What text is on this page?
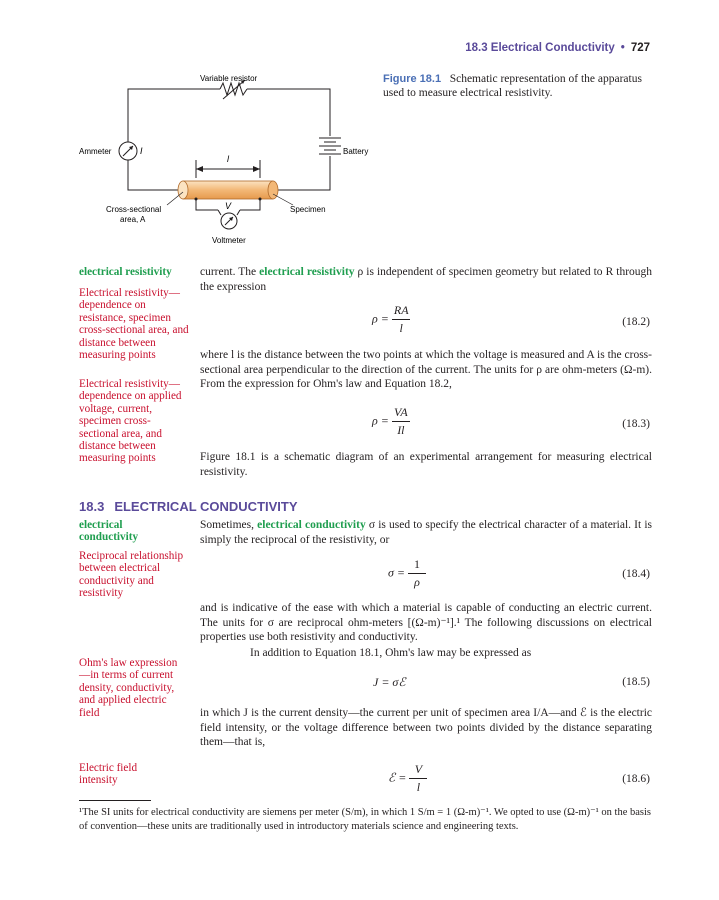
18.3 Electrical Conductivity • 727
Variable resistor
Ammeter	I	Battery
l
Cross-sectional
area, A
Specimen
V
Voltmeter
Figure 18.1 Schematic representation of the apparatus used to measure electrical resistivity.
electrical resistivity
Electrical resistivity—dependence on resistance, specimen cross-sectional area, and distance between measuring points
Electrical resistivity—dependence on applied voltage, current, specimen cross-sectional area, and distance between measuring points
electrical conductivity
Reciprocal relationship between electrical conductivity and resistivity
Ohm's law expression—in terms of current density, conductivity, and applied electric field
Electric field intensity
current. The electrical resistivity ρ is independent of specimen geometry but related to R through the expression
$\rho = \frac{RA}{l}$	(18.2)
where l is the distance between the two points at which the voltage is measured and A is the cross-sectional area perpendicular to the direction of the current. The units for ρ are ohm-meters (Ω-m). From the expression for Ohm's law and Equation 18.2,
$\rho = \frac{VA}{Il}$	(18.3)
Figure 18.1 is a schematic diagram of an experimental arrangement for measuring electrical resistivity.
18.3 ELECTRICAL CONDUCTIVITY
Sometimes, electrical conductivity σ is used to specify the electrical character of a material. It is simply the reciprocal of the resistivity, or
$\sigma = \frac{1}{\rho}$	(18.4)
and is indicative of the ease with which a material is capable of conducting an electric current. The units for σ are reciprocal ohm-meters [(Ω-m)⁻¹].¹ The following discussions on electrical properties use both resistivity and conductivity.
In addition to Equation 18.1, Ohm's law may be expressed as
J = σℰ	(18.5)
in which J is the current density—the current per unit of specimen area I/A—and ℰ is the electric field intensity, or the voltage difference between two points divided by the distance separating them—that is,
ℰ = $\frac{V}{l}$	(18.6)
¹The SI units for electrical conductivity are siemens per meter (S/m), in which 1 S/m = 1 (Ω-m)⁻¹. We opted to use (Ω-m)⁻¹ on the basis of convention—these units are traditionally used in introductory materials science and engineering texts.
